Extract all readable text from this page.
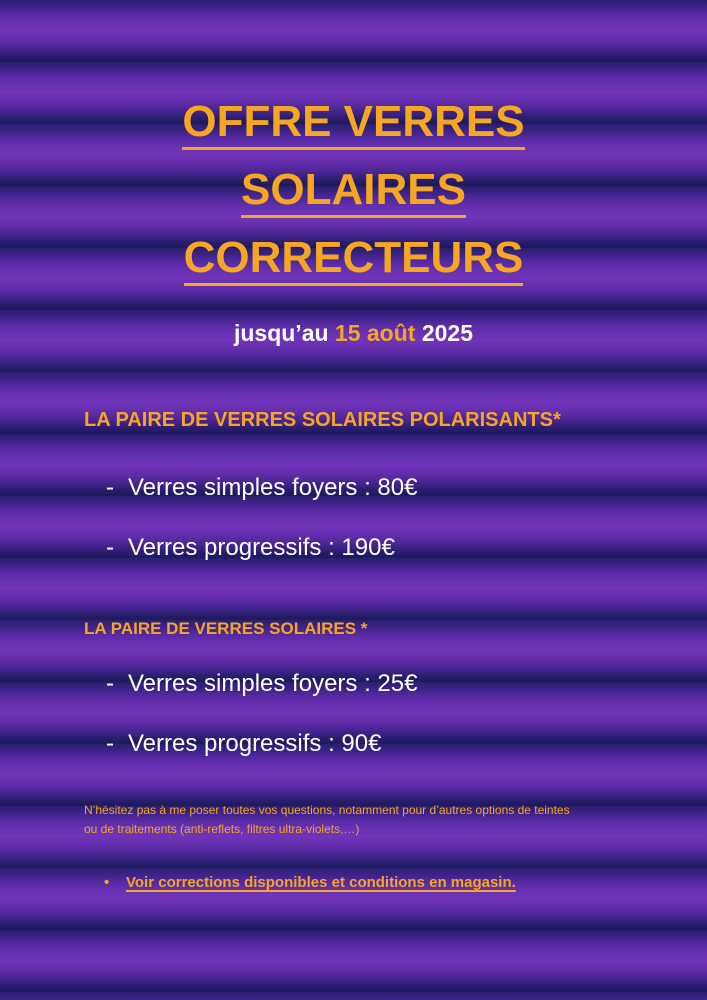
OFFRE VERRES
SOLAIRES
CORRECTEURS
jusqu’au 15 août 2025
LA PAIRE DE VERRES SOLAIRES POLARISANTS*
- Verres simples foyers : 80€
- Verres progressifs : 190€
LA PAIRE DE VERRES SOLAIRES *
- Verres simples foyers : 25€
- Verres progressifs : 90€

N’hésitez pas à me poser toutes vos questions, notamment pour d’autres options de teintes

ou de traitements (anti-reflets, filtres ultra-violets,…)

• Voir corrections disponibles et conditions en magasin.
